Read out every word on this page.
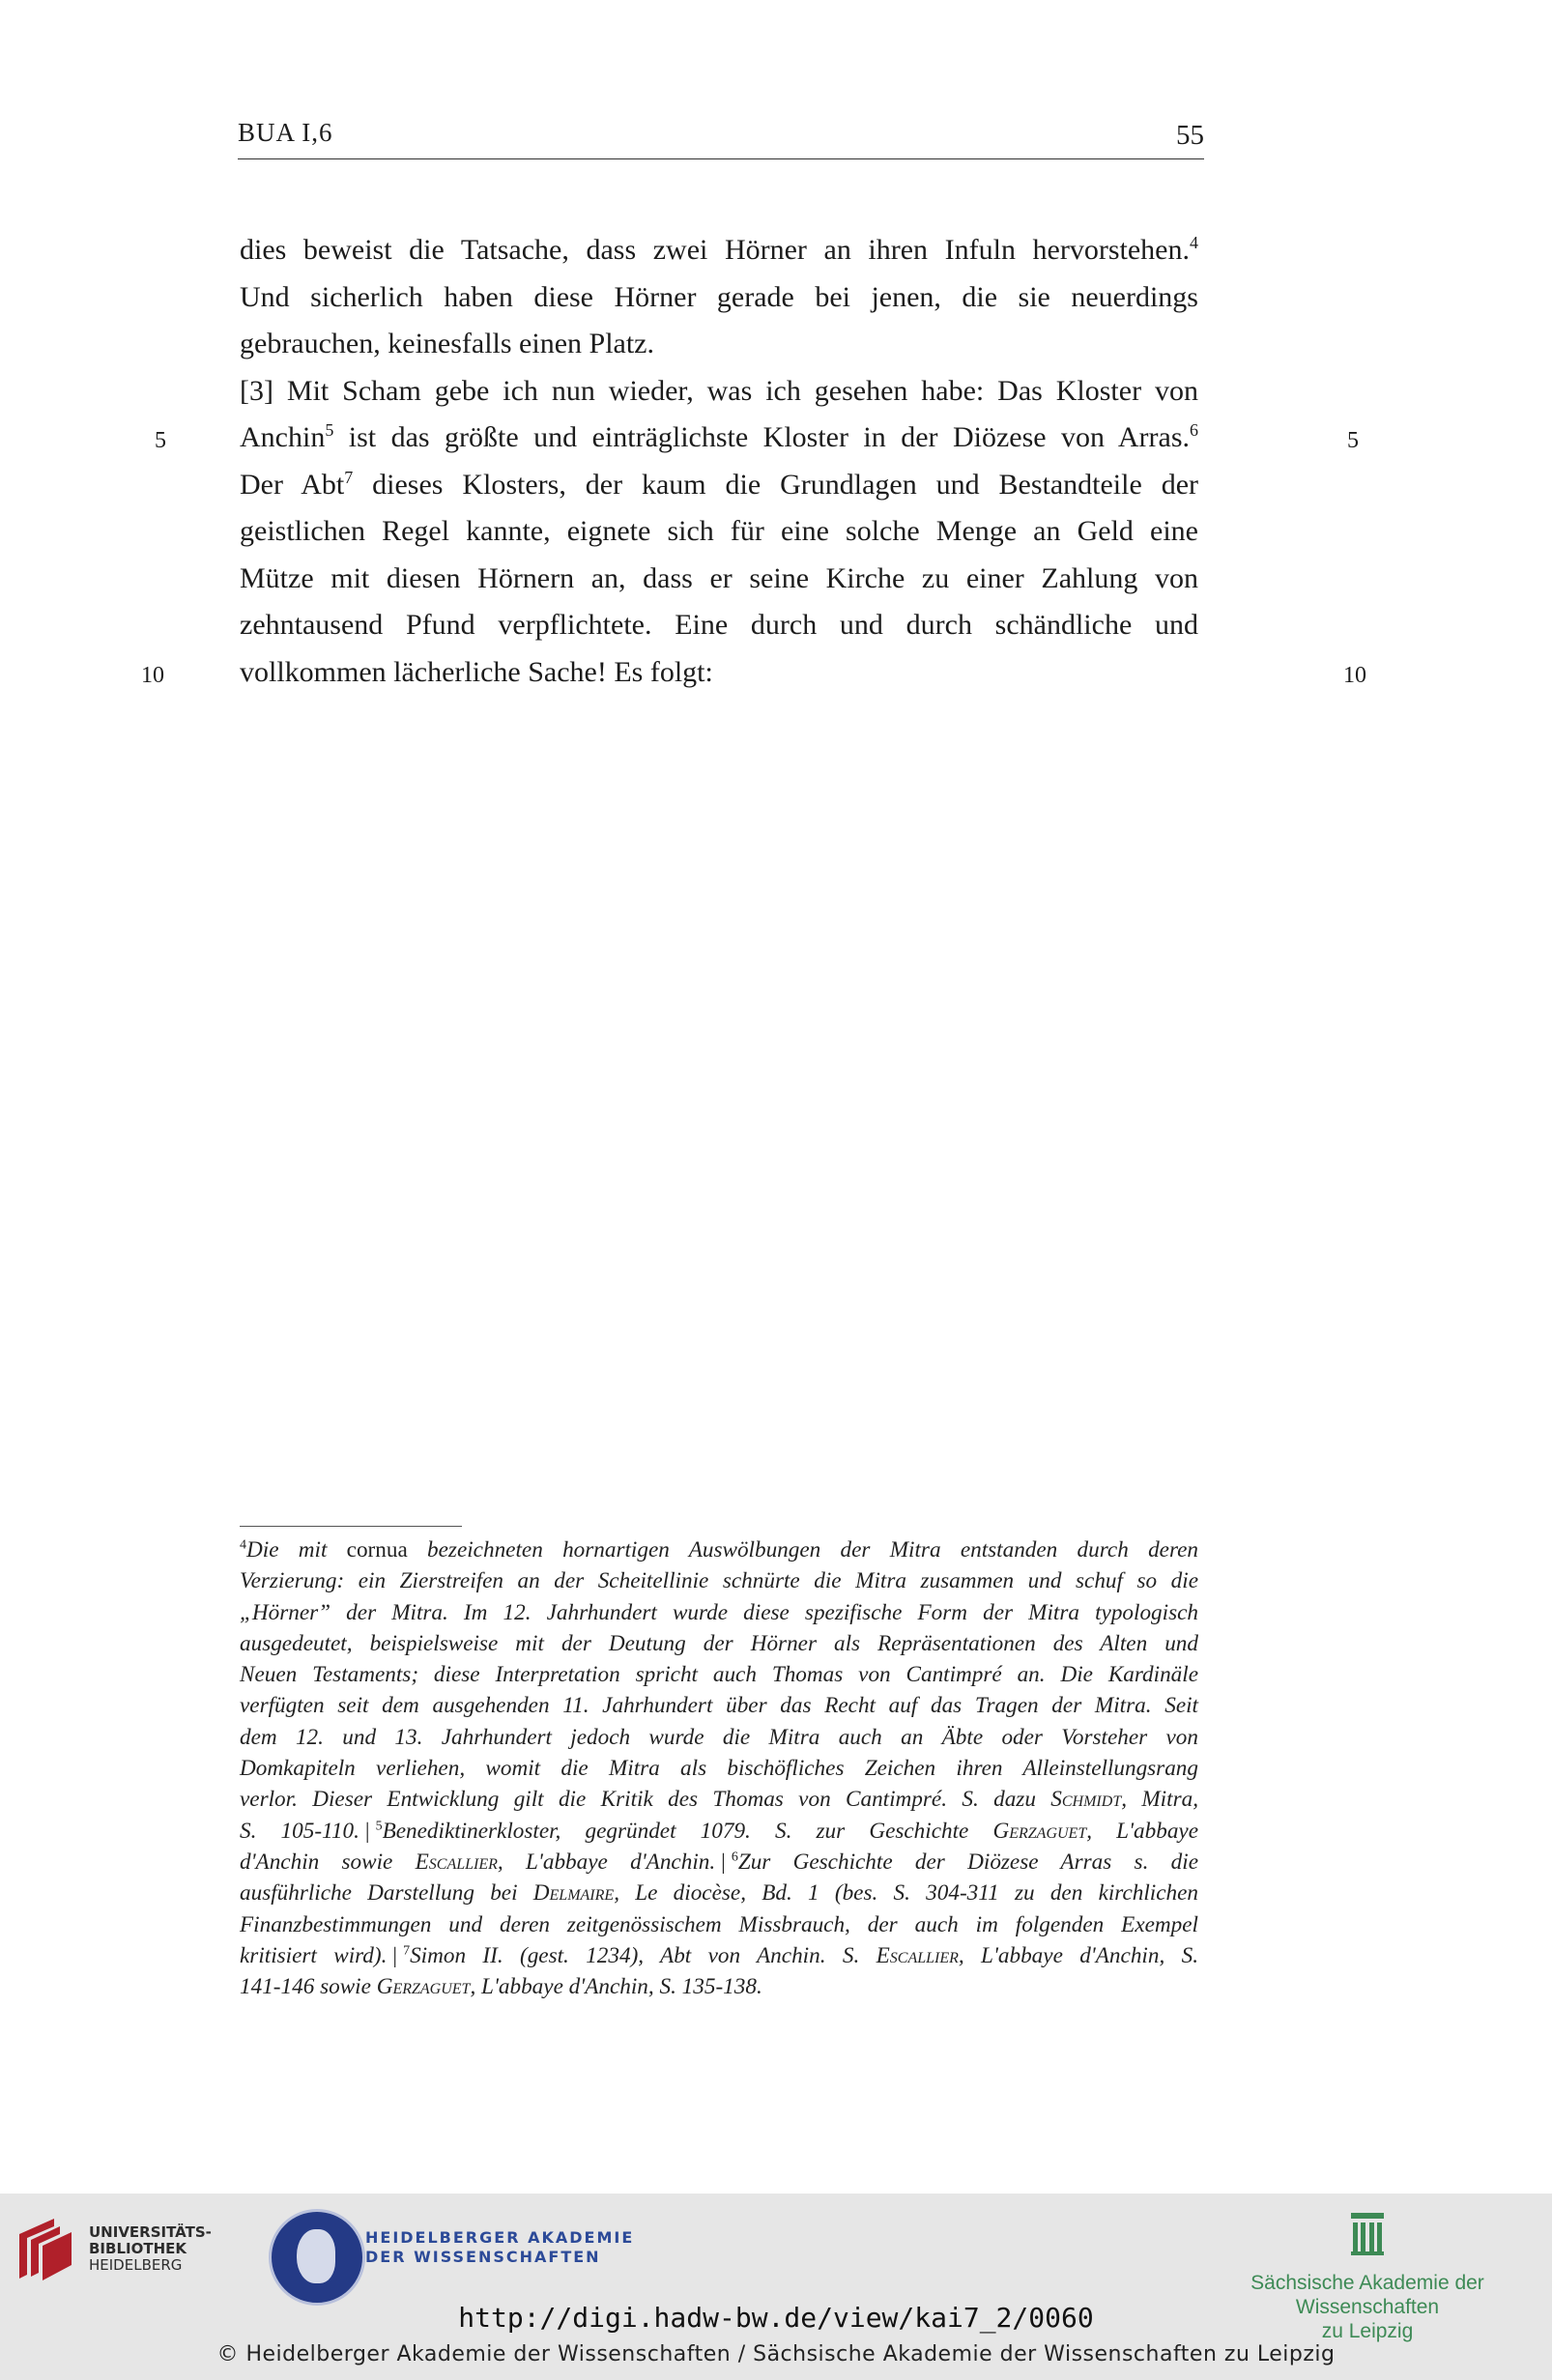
BUA I,6	55
5	5
10	10
dies beweist die Tatsache, dass zwei Hörner an ihren Infuln hervorstehen.$^4$
Und sicherlich haben diese Hörner gerade bei jenen, die sie neuerdings
gebrauchen, keinesfalls einen Platz.
[3] Mit Scham gebe ich nun wieder, was ich gesehen habe: Das Kloster von
Anchin$^5$ ist das größte und einträglichste Kloster in der Diözese von Arras.$^6$
Der Abt$^7$ dieses Klosters, der kaum die Grundlagen und Bestandteile der
geistlichen Regel kannte, eignete sich für eine solche Menge an Geld eine
Mütze mit diesen Hörnern an, dass er seine Kirche zu einer Zahlung von
zehntausend Pfund verpflichtete. Eine durch und durch schändliche und
vollkommen lächerliche Sache! Es folgt:
$^4$Die mit cornua bezeichneten hornartigen Auswölbungen der Mitra entstanden durch deren
Verzierung: ein Zierstreifen an der Scheitellinie schnürte die Mitra zusammen und schuf so die
„Hörner” der Mitra. Im 12. Jahrhundert wurde diese spezifische Form der Mitra typologisch
ausgedeutet, beispielsweise mit der Deutung der Hörner als Repräsentationen des Alten und
Neuen Testaments; diese Interpretation spricht auch Thomas von Cantimpré an. Die Kardinäle
verfügten seit dem ausgehenden 11. Jahrhundert über das Recht auf das Tragen der Mitra. Seit
dem 12. und 13. Jahrhundert jedoch wurde die Mitra auch an Äbte oder Vorsteher von
Domkapiteln verliehen, womit die Mitra als bischöfliches Zeichen ihren Alleinstellungsrang
verlor. Dieser Entwicklung gilt die Kritik des Thomas von Cantimpré. S. dazu Schmidt, Mitra,
S. 105-110. | $^5$Benediktinerkloster, gegründet 1079. S. zur Geschichte Gerzaguet, L'abbaye
d'Anchin sowie Escallier, L'abbaye d'Anchin. | $^6$Zur Geschichte der Diözese Arras s. die
ausführliche Darstellung bei Delmaire, Le diocèse, Bd. 1 (bes. S. 304-311 zu den kirchlichen
Finanzbestimmungen und deren zeitgenössischem Missbrauch, der auch im folgenden Exempel
kritisiert wird). | $^7$Simon II. (gest. 1234), Abt von Anchin. S. Escallier, L'abbaye d'Anchin, S.
141-146 sowie Gerzaguet, L'abbaye d'Anchin, S. 135-138.
UNIVERSITÄTS-
BIBLIOTHEK
HEIDELBERG
HEIDELBERGER AKADEMIE
DER WISSENSCHAFTEN
Sächsische Akademie der Wissenschaften
zu Leipzig
http://digi.hadw-bw.de/view/kai7_2/0060
© Heidelberger Akademie der Wissenschaften / Sächsische Akademie der Wissenschaften zu Leipzig
